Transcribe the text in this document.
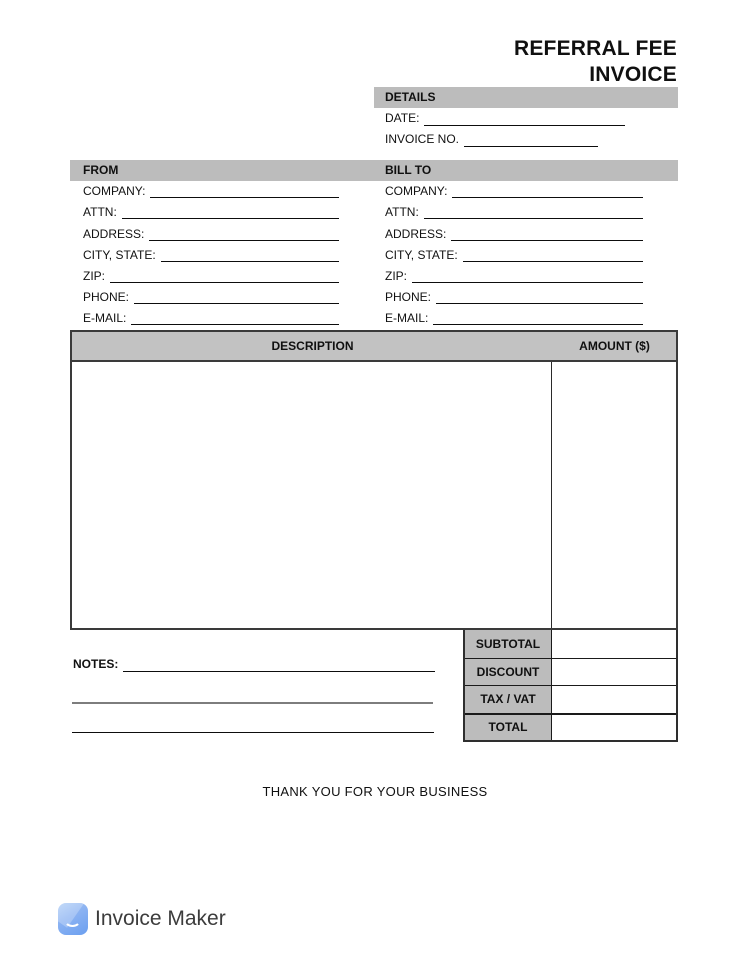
REFERRAL FEE
INVOICE
DETAILS
DATE:
INVOICE NO.
FROM	BILL TO
COMPANY:
ATTN:
ADDRESS:
CITY, STATE:
ZIP:
PHONE:
E-MAIL:
COMPANY:
ATTN:
ADDRESS:
CITY, STATE:
ZIP:
PHONE:
E-MAIL:
DESCRIPTION	AMOUNT ($)
SUBTOTAL
DISCOUNT
TAX / VAT
TOTAL
NOTES:
THANK YOU FOR YOUR BUSINESS
Invoice Maker
